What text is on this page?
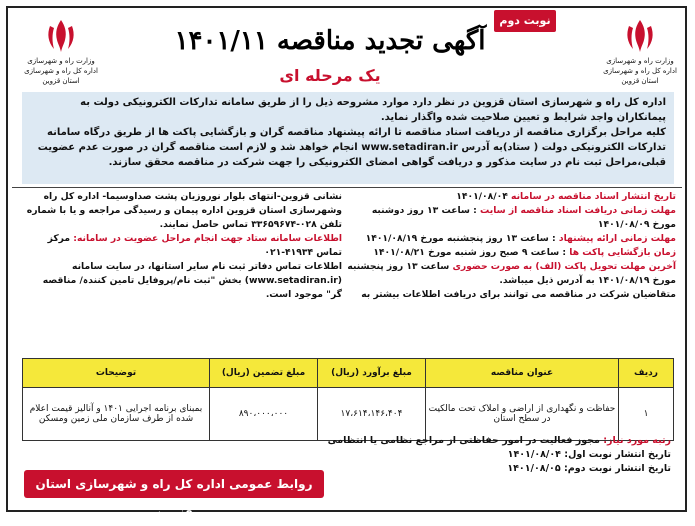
وزارت راه و شهرسازی
اداره کل راه و شهرسازی استان قزوین
وزارت راه و شهرسازی
اداره کل راه و شهرسازی استان قزوین
نوبت دوم
آگهی تجدید مناقصه ۱۴۰۱/۱۱
یک مرحله ای
اداره کل راه و شهرسازی استان قزوین در نظر دارد موارد مشروحه ذیل را از طریق سامانه تدارکات الکترونیکی دولت به پیمانکاران واجد شرایط و تعیین صلاحیت شده واگذار نماید.
کلیه مراحل برگزاری مناقصه از دریافت اسناد مناقصه تا ارائه پیشنهاد مناقصه گران و بازگشایی پاکت ها از طریق درگاه سامانه تدارکات الکترونیکی دولت ( ستاد)به آدرس www.setadiran.ir انجام خواهد شد و لازم است مناقصه گران در صورت عدم عضویت قبلی،مراحل ثبت نام در سایت مذکور و دریافت گواهی امضای الکترونیکی را جهت شرکت در مناقصه محقق سازند.
تاریخ انتشار اسناد مناقصه در سامانه ۱۴۰۱/۰۸/۰۴
مهلت زمانی دریافت اسناد مناقصه از سایت : ساعت ۱۳ روز دوشنبه مورخ ۱۴۰۱/۰۸/۰۹
مهلت زمانی ارائه پیشنهاد : ساعت ۱۳ روز پنجشنبه مورخ ۱۴۰۱/۰۸/۱۹
زمان بازگشایی پاکت ها : ساعت ۹ صبح روز شنبه مورخ ۱۴۰۱/۰۸/۲۱
آخرین مهلت تحویل پاکت (الف) به صورت حضوری ساعت ۱۳ روز پنجشنبه مورخ ۱۴۰۱/۰۸/۱۹ به آدرس ذیل میباشد.
متقاضیان شرکت در مناقصه می توانند برای دریافت اطلاعات بیشتر به
نشانی قزوین-انتهای بلوار نوروزیان پشت صداوسیما- اداره کل راه وشهرسازی استان قزوین اداره پیمان و رسیدگی مراجعه و یا با شماره تلفن ۰۲۸-۳۳۶۵۹۶۷۴ تماس حاصل نمایند.
اطلاعات سامانه ستاد جهت انجام مراحل عضویت در سامانه: مرکز تماس ۴۱۹۳۴-۰۲۱
اطلاعات تماس دفاتر ثبت نام سایر استانها، در سایت سامانه (www.setadiran.ir) بخش "ثبت نام/پروفایل تامین کنندہ/ مناقصه گر" موجود است.
ردیف	عنوان مناقصه	مبلغ برآورد (ریال)	مبلغ تضمین (ریال)	توضیحات
۱	حفاظت و نگهداری از اراضی و املاک تحت مالکیت در سطح استان	۱۷،۶۱۴،۱۴۶،۴۰۴	۸۹۰،۰۰۰،۰۰۰	بمبنای برنامه اجرایی ۱۴۰۱ و آنالیز قیمت اعلام شده از طرف سازمان ملی زمین ومسکن
رتبه مورد نیاز: مجوز فعالیت در امور حفاظتی از مراجع نظامی یا انتظامی
تاریخ انتشار نوبت اول: ۱۴۰۱/۰۸/۰۴
تاریخ انتشار نوبت دوم: ۱۴۰۱/۰۸/۰۵
روابط عمومی اداره کل راه و شهرسازی استان قزوین
